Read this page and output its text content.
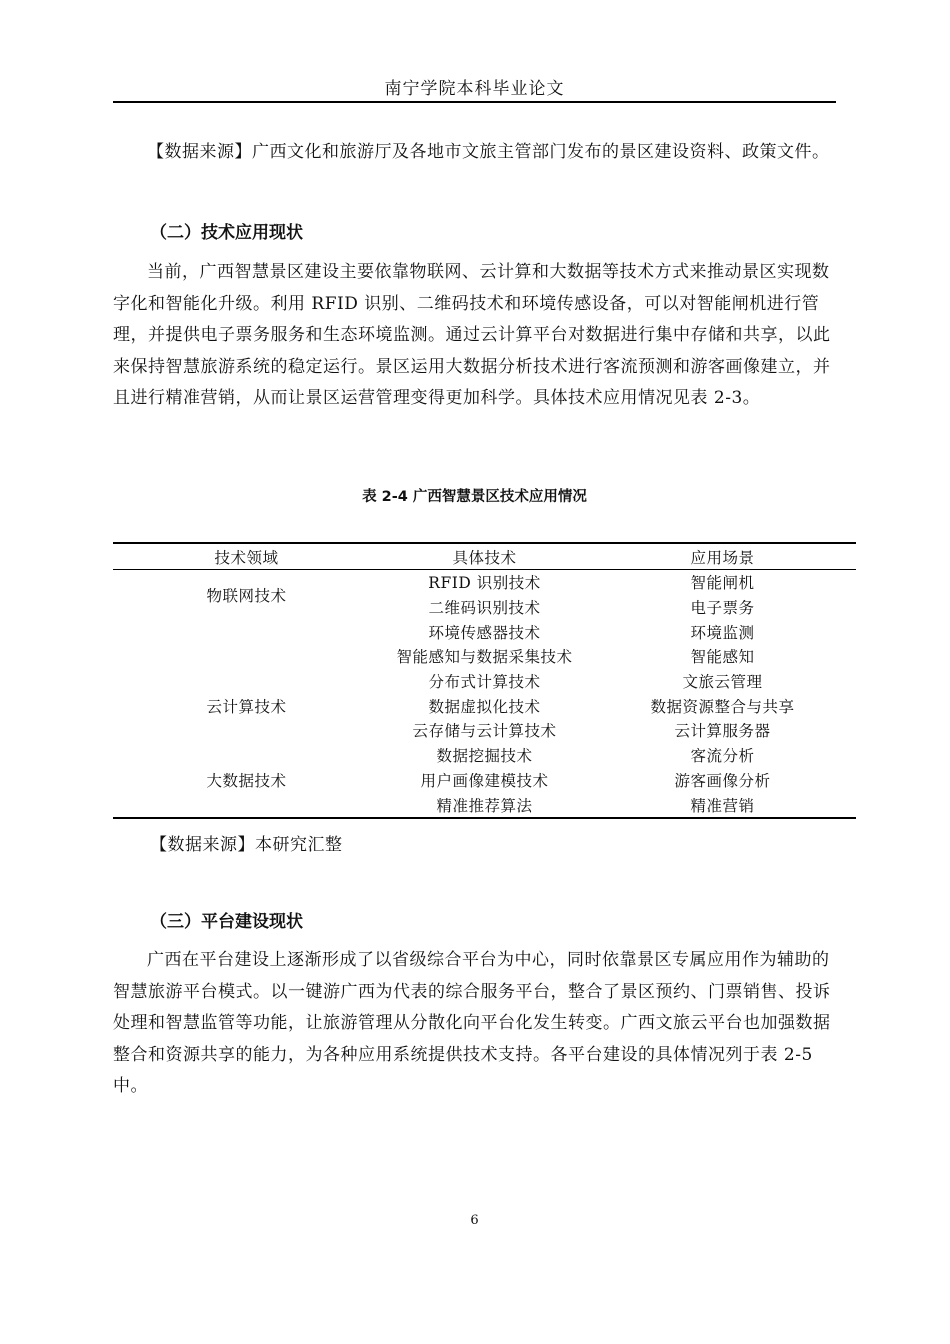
南宁学院本科毕业论文

【数据来源】广西文化和旅游厅及各地市文旅主管部门发布的景区建设资料、政策文件。

（二）技术应用现状

当前，广西智慧景区建设主要依靠物联网、云计算和大数据等技术方式来推动景区实现数字化和智能化升级。利用 RFID 识别、二维码技术和环境传感设备，可以对智能闸机进行管理，并提供电子票务服务和生态环境监测。通过云计算平台对数据进行集中存储和共享，以此来保持智慧旅游系统的稳定运行。景区运用大数据分析技术进行客流预测和游客画像建立，并且进行精准营销，从而让景区运营管理变得更加科学。具体技术应用情况见表 2-3。

表 2-4 广西智慧景区技术应用情况
技术领域	具体技术	应用场景
物联网技术	RFID 识别技术	智能闸机
	二维码识别技术	电子票务
	环境传感器技术	环境监测
	智能感知与数据采集技术	智能感知
	分布式计算技术	文旅云管理
云计算技术	数据虚拟化技术	数据资源整合与共享
	云存储与云计算技术	云计算服务器
	数据挖掘技术	客流分析
大数据技术	用户画像建模技术	游客画像分析
	精准推荐算法	精准营销
【数据来源】本研究汇整
（三）平台建设现状

广西在平台建设上逐渐形成了以省级综合平台为中心，同时依靠景区专属应用作为辅助的智慧旅游平台模式。以一键游广西为代表的综合服务平台，整合了景区预约、门票销售、投诉处理和智慧监管等功能，让旅游管理从分散化向平台化发生转变。广西文旅云平台也加强数据整合和资源共享的能力，为各种应用系统提供技术支持。各平台建设的具体情况列于表 2-5 中。

6
